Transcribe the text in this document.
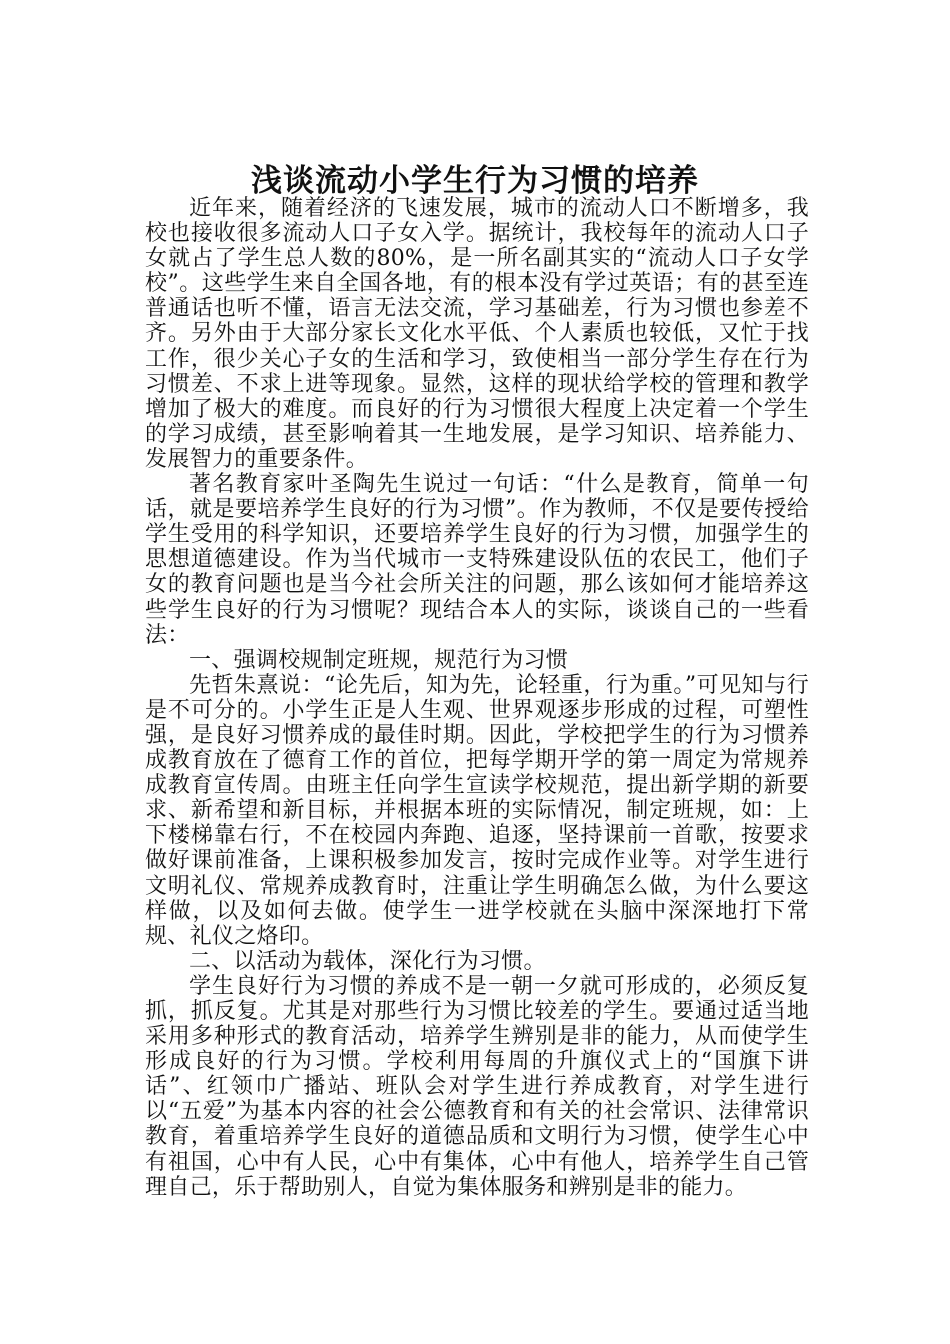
浅谈流动小学生行为习惯的培养

近年来，随着经济的飞速发展，城市的流动人口不断增多，我校也接收很多流动人口子女入学。据统计，我校每年的流动人口子女就占了学生总人数的80%，是一所名副其实的“流动人口子女学校”。这些学生来自全国各地，有的根本没有学过英语；有的甚至连普通话也听不懂，语言无法交流，学习基础差，行为习惯也参差不齐。另外由于大部分家长文化水平低、个人素质也较低，又忙于找工作，很少关心子女的生活和学习，致使相当一部分学生存在行为习惯差、不求上进等现象。显然，这样的现状给学校的管理和教学增加了极大的难度。而良好的行为习惯很大程度上决定着一个学生的学习成绩，甚至影响着其一生地发展，是学习知识、培养能力、发展智力的重要条件。

著名教育家叶圣陶先生说过一句话：“什么是教育，简单一句话，就是要培养学生良好的行为习惯”。作为教师，不仅是要传授给学生受用的科学知识，还要培养学生良好的行为习惯，加强学生的思想道德建设。作为当代城市一支特殊建设队伍的农民工，他们子女的教育问题也是当今社会所关注的问题，那么该如何才能培养这些学生良好的行为习惯呢？现结合本人的实际，谈谈自己的一些看法：

一、强调校规制定班规，规范行为习惯

先哲朱熹说：“论先后，知为先，论轻重，行为重。”可见知与行是不可分的。小学生正是人生观、世界观逐步形成的过程，可塑性强，是良好习惯养成的最佳时期。因此，学校把学生的行为习惯养成教育放在了德育工作的首位，把每学期开学的第一周定为常规养成教育宣传周。由班主任向学生宣读学校规范，提出新学期的新要求、新希望和新目标，并根据本班的实际情况，制定班规，如：上下楼梯靠右行，不在校园内奔跑、追逐，坚持课前一首歌，按要求做好课前准备，上课积极参加发言，按时完成作业等。对学生进行文明礼仪、常规养成教育时，注重让学生明确怎么做，为什么要这样做，以及如何去做。使学生一进学校就在头脑中深深地打下常规、礼仪之烙印。

二、以活动为载体，深化行为习惯。

学生良好行为习惯的养成不是一朝一夕就可形成的，必须反复抓，抓反复。尤其是对那些行为习惯比较差的学生。要通过适当地采用多种形式的教育活动，培养学生辨别是非的能力，从而使学生形成良好的行为习惯。学校利用每周的升旗仪式上的“国旗下讲话”、红领巾广播站、班队会对学生进行养成教育，对学生进行以“五爱”为基本内容的社会公德教育和有关的社会常识、法律常识教育，着重培养学生良好的道德品质和文明行为习惯，使学生心中有祖国，心中有人民，心中有集体，心中有他人，培养学生自己管理自己，乐于帮助别人，自觉为集体服务和辨别是非的能力。
